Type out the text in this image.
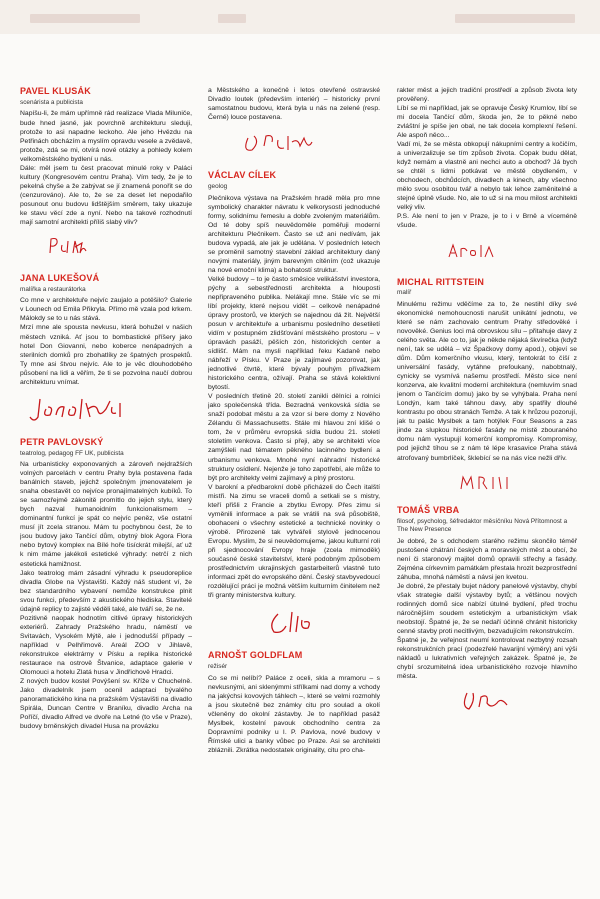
PAVEL KLUSÁK
scenárista a publicista

Napíšu-li, že mám upřímně rád realizace Vlada Miluniče, bude hned jasné, jak povrchně architekturu sleduji, protože to asi napadne leckoho. Ale jeho Hvězdu na Petřinách obcházím a myslím opravdu vesele a zvědavě, protože, zdá se mi, otvírá nové otázky a pohledy kolem velkoměstského bydlení u nás.

Dále: měl jsem tu čest pracovat minulé roky v Paláci kultury (Kongresovém centru Praha). Vím tedy, že je to pekelná chyše a že zabývat se jí znamená ponořit se do (cenzurováno). Ale to, že se za deset let nepodařilo posunout onu budovu lidštějším směrem, taky ukazuje ke stavu věcí zde a nyní. Nebo na takové rozhodnutí mají samotní architekti příliš slabý vliv?

JANA LUKEŠOVÁ
malířka a restaurátorka

Co mne v architektuře nejvíc zaujalo a potěšilo? Galerie v Lounech od Emila Přikryla. Přímo mě vzala pod krkem. Málokdy se to u nás stává.

Mrzí mne ale spousta nevkusu, která bohužel v našich městech vzniká. Ať jsou to bombastické příšery jako hotel Don Giovanni, nebo koberce nenápadných a sterilních domků pro zbohatlíky ze špatných prospektů. Ty mne asi štvou nejvíc. Ale to je věc dlouhodobého působení na lidi a věřím, že ti se pozvolna naučí dobrou architekturu vnímat.

PETR PAVLOVSKÝ
teatrolog, pedagog FF UK, publicista

Na urbanisticky exponovaných a zároveň nejdražších volných parcelách v centru Prahy byla postavena řada banálních staveb, jejichž společným jmenovatelem je snaha obestavět co nejvíce pronajímatelných kubíků. To se samozřejmě zákonitě promítlo do jejich stylu, který bych nazval humanoidním funkcionalismem – dominantní funkcí je spát co nejvíc peněz, vše ostatní musí jít zcela stranou. Mám tu pochybnou čest, že to jsou budovy jako Tančící dům, obytný blok Agora Flora nebo bytový komplex na Bílé hoře tisíckrát milejší, ať už k nim máme jakékoli estetické výhrady: netrčí z nich estetická hamižnost.

Jako teatrolog mám zásadní výhradu k pseudoreplice divadla Globe na Výstavišti. Každý náš student ví, že bez standardního vybavení nemůže konstrukce plnit svou funkci, především z akustického hlediska. Stavitelé údajně replicy to zajisté věděli také, ale tváří se, že ne.

Pozitivně naopak hodnotím citlivé úpravy historických exteriérů. Zahrady Pražského hradu, náměstí ve Svitavách, Vysokém Mýtě, ale i jednodušší případy – například v Pelhřimově. Areál ZOO v Jihlavě, rekonstrukce elektrárny v Písku a replika historické restaurace na ostrově Štvanice, adaptace galerie v Olomouci a hotelu Zlatá husa v Jindřichově Hradci.

Z nových budov kostel Povýšení sv. Kříže v Chuchelně. Jako divadelník jsem ocenil adaptaci bývalého panoramatického kina na pražském Výstavišti na divadlo Spirála, Duncan Centre v Braníku, divadlo Archa na Poříčí, divadlo Alfred ve dvoře na Letné (to vše v Praze), budovy brněnských divadel Husa na provázku

a Městského a konečně i letos otevřené ostravské Divadlo loutek (především interiér) – historicky první samostatnou budovu, která byla u nás na zelené (resp. Černé) louce postavena.

VÁCLAV CÍLEK
geolog

Plečnikova výstava na Pražském hradě měla pro mne symbolický charakter návratu k velkorysosti jednoduché formy, solidnímu řemeslu a dobře zvoleným materiálům. Od té doby spíš neuvědoměle poměřuji moderní architekturu Plečnikem. Často se už ani nedívám, jak budova vypadá, ale jak je udělána. V posledních letech se proměnil samotný stavební základ architektury daný novými materiály, jiným barevným cítěním (což ukazuje na nové emoční klima) a bohatostí struktur.

Velké budovy – to je často směsice velikášství investora, pýchy a sebestřednosti architekta a hlouposti nepřipraveného publika. Nelákají mne. Stále víc se mi líbí projekty, které nejsou vidět – celkově nenápadné úpravy prostorů, ve kterých se najednou dá žít. Největší posun v architektuře a urbanismu posledního desetiletí vidím v postupném zlidšťování městského prostoru – v úpravách pasáží, pěších zón, historických center a sídlišť. Mám na mysli například řeku Kadaně nebo nábřeží v Písku. V Praze je zajímavé pozorovat, jak jednotlivé čtvrtě, které bývaly pouhým přívažkem historického centra, ožívají. Praha se stává kolektivní bytostí.

V posledních třetině 20. století zanikli dělníci a rolníci jako společenská třída. Bezradná venkovská sídla se snaží podobat městu a za vzor si bere domy z Nového Zélandu či Massachusetts. Stále mi hlavou zní klišé o tom, že v průměru evropská sídla budou 21. století stoletím venkova. Často si přeji, aby se architekti více zamýšleli nad tématem pěkného lacinného bydlení a urbanismu venkova. Mnohé nyní náhradní historické struktury osídlení. Nejenže je toho zapotřebí, ale může to být pro architekty velmi zajímavý a plný prostoru.

V barokní a předbarokní době přicházeli do Čech italští mistři. Na zimu se vraceli domů a setkali se s mistry, kteří přišli z Francie a zbytku Evropy. Přes zimu si vyměnili informace a pak se vrátili na svá působiště, obohaceni o všechny estetické a technické novinky o výrobě. Přirozeně tak vytvářeli stylově jednocenou Evropu. Myslím, že si neuvědomujeme, jakou kulturní roli při sjednocování Evropy hraje (zcela mimoděk) současné české stavitelství, které podobným způsobem prostřednictvím ukrajinských gastarbeiterů vlastně tuto informaci zpět do evropského dění. Český stavbyvedoucí rozdělující práci je možná větším kulturním činitelem než tři granty ministerstva kultury.

ARNOŠT GOLDFLAM
režisér

Co se mi nelíbí? Paláce z oceli, skla a mramoru – s nevkusnými, ani sklenýmmi střílkami nad domy a vchody na jakýchsi kovových táhlech –, které se velmi rozmohly a jsou skutečně bez známky citu pro soulad a okolí včleněny do okolní zástavby. Je to například pasáž Myslbek, kostelní pavouk obchodního centra za Dopravními podniky u I. P. Pavlova, nové budovy v Římské ulici a banky vůbec po Praze. Asi se architekti zbláznili. Zkrátka nedostatek originality, citu pro cha-

rakter měst a jejich tradiční prostředí a způsob života lety prověřený.

Líbí se mi například, jak se opravuje Český Krumlov, líbí se mi docela Tančící dům, škoda jen, že to pěkné nebo zvláštní je spíše jen obal, ne tak docela komplexní řešení. Ale aspoň něco...

Vadí mi, že se města obkopují nákupními centry a kočičím, a univerzalizuje se tím způsob života. Copak budu dělat, když nemám a vlastně ani nechci auto a obchod? Já bych se chtěl s lidmi potkávat ve městě obydleném, v obchodech, obchůdcích, divadlech a kinech, aby všechno mělo svou osobitou tvář a nebylo tak lehce zaměnitelné a stejné úplně všude. No, ale to už si na mou milost architekti velký vliv.

P.S. Ale není to jen v Praze, je to i v Brně a víceméně všude.

MICHAL RITTSTEIN
malíř

Minulému režimu vděčíme za to, že nestihl díky své ekonomické nemohoucnosti narušit unikátní jednotu, ve které se nám zachovalo centrum Prahy středověké i novověké. Genius loci má obrovskou sílu – přitahuje davy z celého světa. Ale co to, jak je někde nějaká škvírečka (když není, tak se udělá – viz Špačkovy domy apod.), objeví se dům. Dům komerčního vkusu, který, tentokrát to číší z universální fasády, vytáhne prefoukaný, nabobtnalý, cynicky se vysmívá našemu prostředí. Město sice není konzerva, ale kvalitní moderní architektura (nemluvím snad jenom o Tančícím domu) jako by se vyhýbala. Praha není Londýn, kam také táhnou davy, aby spatřily dlouhé kontrastu po obou stranách Temže. A tak k hrůzou pozorují, jak tu palác Myslbek a tam hotýlek Four Seasons a zas jinde za slupkou historické fasády ne místě zbouraného domu nám vystupují komerční kompromisy. Kompromisy, pod jejichž tíhou se z nám té lépe krasavice Praha stává atrofovaný bumbrlíček, šklebící se na nás více nežli dřív.

TOMÁŠ VRBA
filosof, psycholog, šéfredaktor měsíčníku Nová Přítomnost a The New Presence

Je dobré, že s odchodem starého režimu skončilo téměř pustošené chátrání českých a moravských měst a obcí, že není či staronový majitel domů opravili střechy a fasády. Zejména církevním památkám přestala hrozit bezprostřední záhuba, mnohá náměstí a návsi jen kvetou.

Je dobré, že přestaly bujet nádory panelové výstavby, chybí však strategie další výstavby bytů; a většinou nových rodinných domů sice nabízí útulné bydlení, před trochu náročnějším soudem estetickým a urbanistickým však neobstojí. Špatné je, že se nedaří účinně chránit historicky cenné stavby proti necitlivým, bezvadujícím rekonstrukcím.

Špatné je, že veřejnost neumí kontrolovat nezbytný rozsah rekonstrukčních prací (podezřelé havarijní výměry) ani výši nákladů u lukrativních veřejných zakázek. Špatné je, že chybí srozumitelná idea urbanistického rozvoje hlavního města.
